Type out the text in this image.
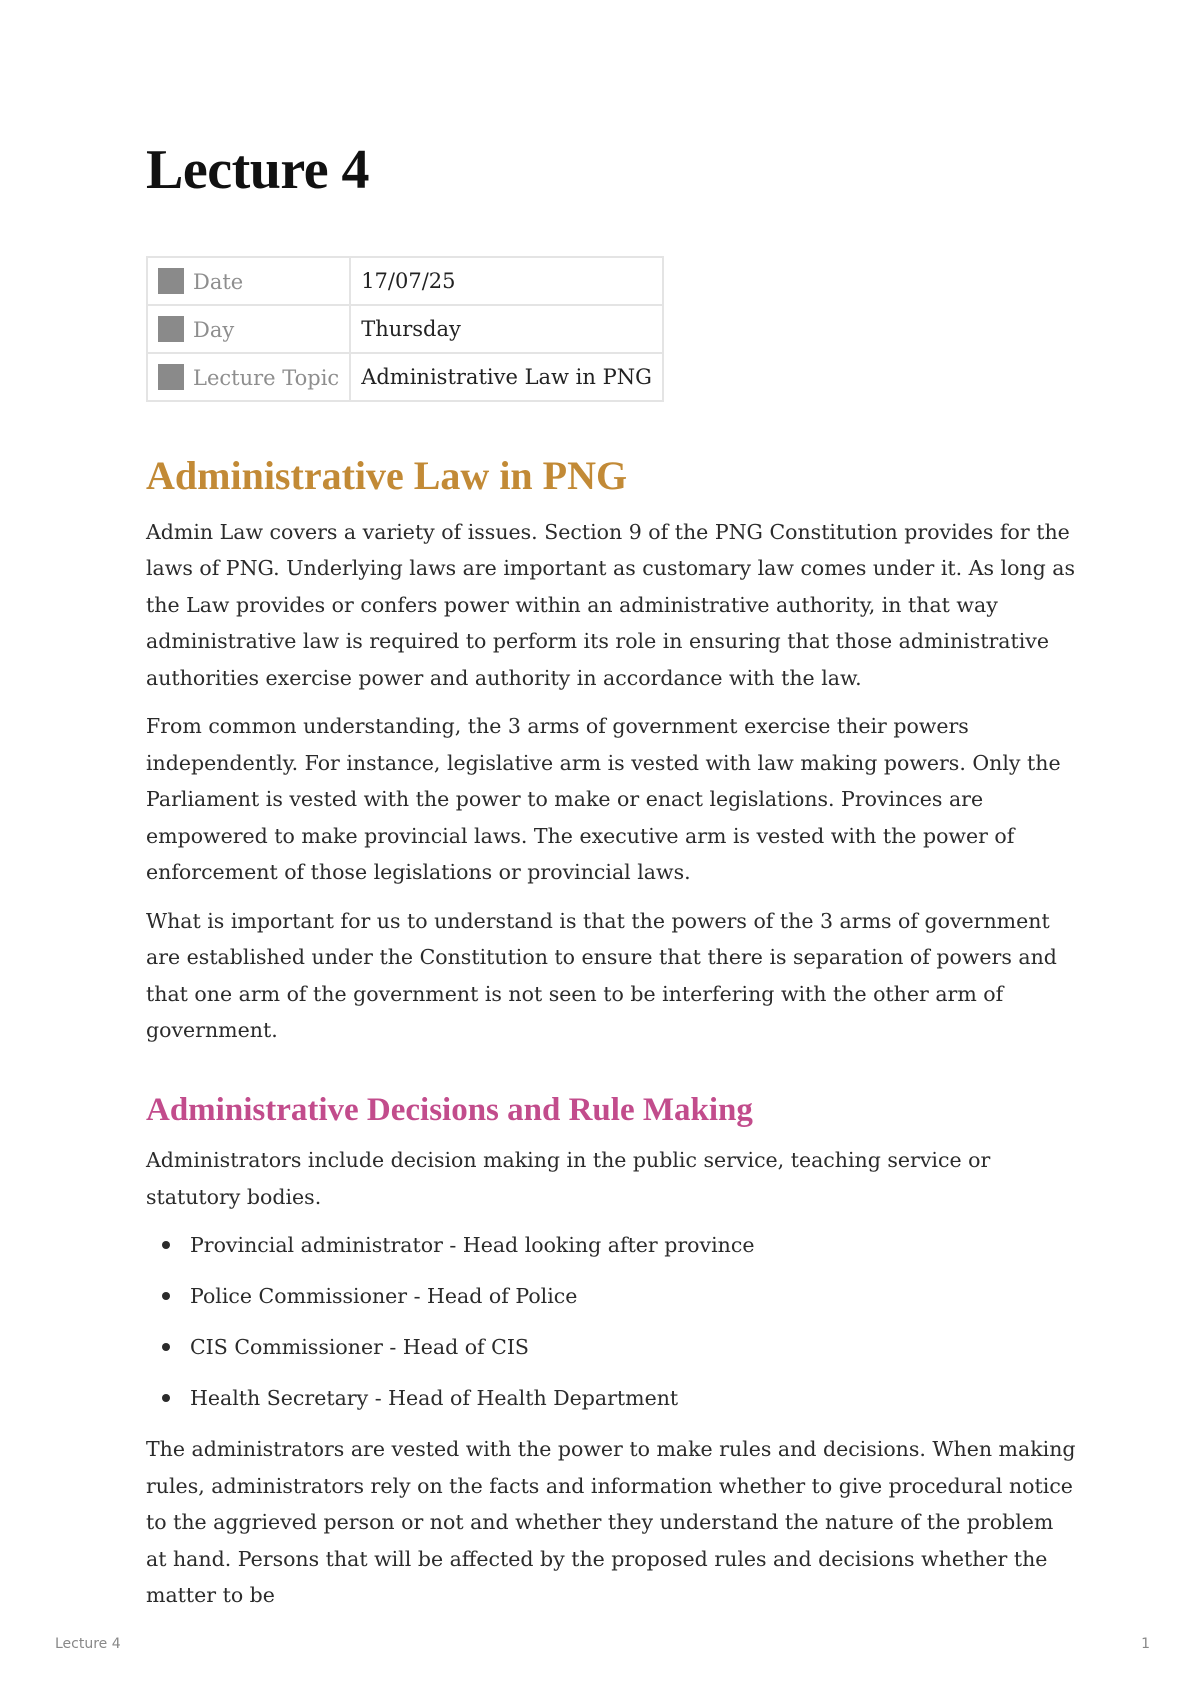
Lecture 4
Date	17/07/25
Day	Thursday
Lecture Topic	Administrative Law in PNG
Administrative Law in PNG

Admin Law covers a variety of issues. Section 9 of the PNG Constitution provides for the laws of PNG. Underlying laws are important as customary law comes under it. As long as the Law provides or confers power within an administrative authority, in that way administrative law is required to perform its role in ensuring that those administrative authorities exercise power and authority in accordance with the law.

From common understanding, the 3 arms of government exercise their powers independently. For instance, legislative arm is vested with law making powers. Only the Parliament is vested with the power to make or enact legislations. Provinces are empowered to make provincial laws. The executive arm is vested with the power of enforcement of those legislations or provincial laws.

What is important for us to understand is that the powers of the 3 arms of government are established under the Constitution to ensure that there is separation of powers and that one arm of the government is not seen to be interfering with the other arm of government.

Administrative Decisions and Rule Making

Administrators include decision making in the public service, teaching service or statutory bodies.

Provincial administrator - Head looking after province
Police Commissioner - Head of Police
CIS Commissioner - Head of CIS
Health Secretary - Head of Health Department

The administrators are vested with the power to make rules and decisions. When making rules, administrators rely on the facts and information whether to give procedural notice to the aggrieved person or not and whether they understand the nature of the problem at hand. Persons that will be affected by the proposed rules and decisions whether the matter to be

Lecture 4	1
